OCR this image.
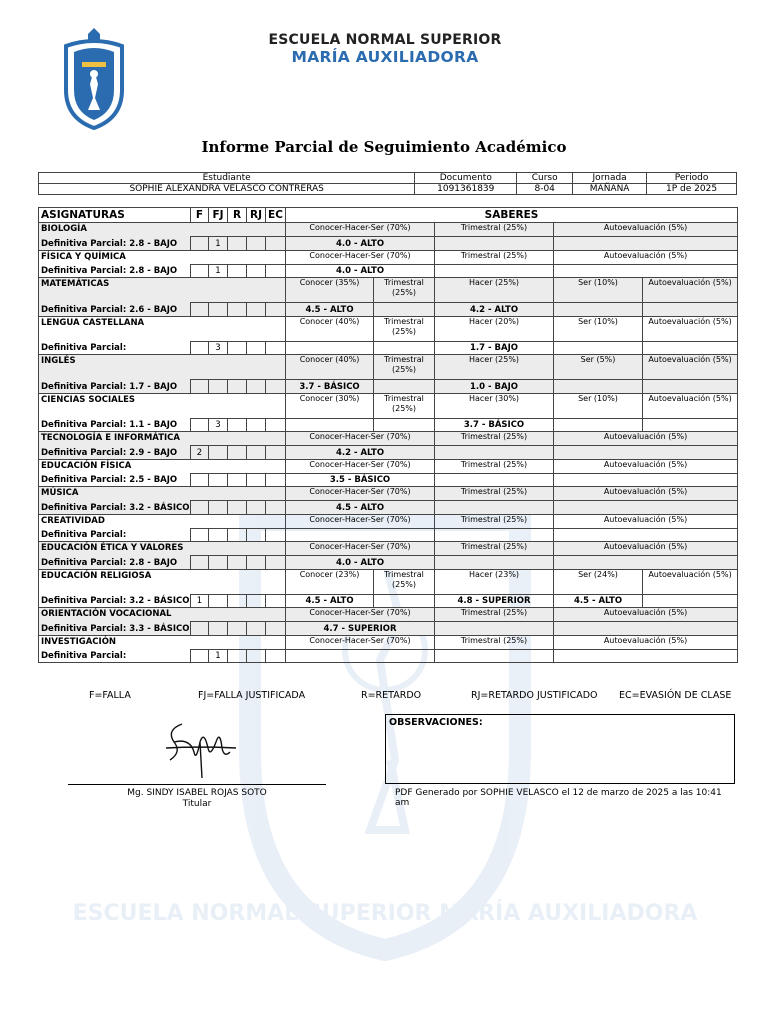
ESCUELA NORMAL SUPERIOR MARÍA AUXILIADORA
ESCUELA NORMAL SUPERIOR
MARÍA AUXILIADORA
Informe Parcial de Seguimiento Académico
Estudiante	Documento	Curso	Jornada	Periodo
SOPHIE ALEXANDRA VELASCO CONTRERAS	1091361839	8-04	MAÑANA	1P de 2025
ASIGNATURAS	F	FJ	R	RJ	EC	SABERES				
BIOLOGÍA						Conocer-Hacer-Ser (70%)		Trimestral (25%)	Autoevaluación (5%)	
Definitiva Parcial: 2.8 - BAJO		1				4.0 - ALTO				
FÍSICA Y QUÍMICA						Conocer-Hacer-Ser (70%)		Trimestral (25%)	Autoevaluación (5%)	
Definitiva Parcial: 2.8 - BAJO		1				4.0 - ALTO				
MATEMÁTICAS						Conocer (35%)	Trimestral (25%)	Hacer (25%)	Ser (10%)	Autoevaluación (5%)
Definitiva Parcial: 2.6 - BAJO						4.5 - ALTO		4.2 - ALTO		
LENGUA CASTELLANA						Conocer (40%)	Trimestral (25%)	Hacer (20%)	Ser (10%)	Autoevaluación (5%)
Definitiva Parcial:		3						1.7 - BAJO		
INGLÉS						Conocer (40%)	Trimestral (25%)	Hacer (25%)	Ser (5%)	Autoevaluación (5%)
Definitiva Parcial: 1.7 - BAJO						3.7 - BÁSICO		1.0 - BAJO		
CIENCIAS SOCIALES						Conocer (30%)	Trimestral (25%)	Hacer (30%)	Ser (10%)	Autoevaluación (5%)
Definitiva Parcial: 1.1 - BAJO		3						3.7 - BÁSICO		
TECNOLOGÍA E INFORMÁTICA						Conocer-Hacer-Ser (70%)		Trimestral (25%)	Autoevaluación (5%)	
Definitiva Parcial: 2.9 - BAJO	2					4.2 - ALTO				
EDUCACIÓN FÍSICA						Conocer-Hacer-Ser (70%)		Trimestral (25%)	Autoevaluación (5%)	
Definitiva Parcial: 2.5 - BAJO						3.5 - BÁSICO				
MÚSICA						Conocer-Hacer-Ser (70%)		Trimestral (25%)	Autoevaluación (5%)	
Definitiva Parcial: 3.2 - BÁSICO						4.5 - ALTO				
CREATIVIDAD						Conocer-Hacer-Ser (70%)		Trimestral (25%)	Autoevaluación (5%)	
Definitiva Parcial:										
EDUCACIÓN ÉTICA Y VALORES						Conocer-Hacer-Ser (70%)		Trimestral (25%)	Autoevaluación (5%)	
Definitiva Parcial: 2.8 - BAJO						4.0 - ALTO				
EDUCACIÓN RELIGIOSA						Conocer (23%)	Trimestral (25%)	Hacer (23%)	Ser (24%)	Autoevaluación (5%)
Definitiva Parcial: 3.2 - BÁSICO	1					4.5 - ALTO		4.8 - SUPERIOR	4.5 - ALTO	
ORIENTACIÓN VOCACIONAL						Conocer-Hacer-Ser (70%)		Trimestral (25%)	Autoevaluación (5%)	
Definitiva Parcial: 3.3 - BÁSICO						4.7 - SUPERIOR				
INVESTIGACIÓN						Conocer-Hacer-Ser (70%)		Trimestral (25%)	Autoevaluación (5%)	
Definitiva Parcial:		1								
F=FALLA	FJ=FALLA JUSTIFICADA	R=RETARDO	RJ=RETARDO JUSTIFICADO EC=EVASIÓN DE CLASE
Mg. SINDY ISABEL ROJAS SOTO
Titular
OBSERVACIONES:
PDF Generado por SOPHIE VELASCO el 12 de marzo de 2025 a las 10:41 am
